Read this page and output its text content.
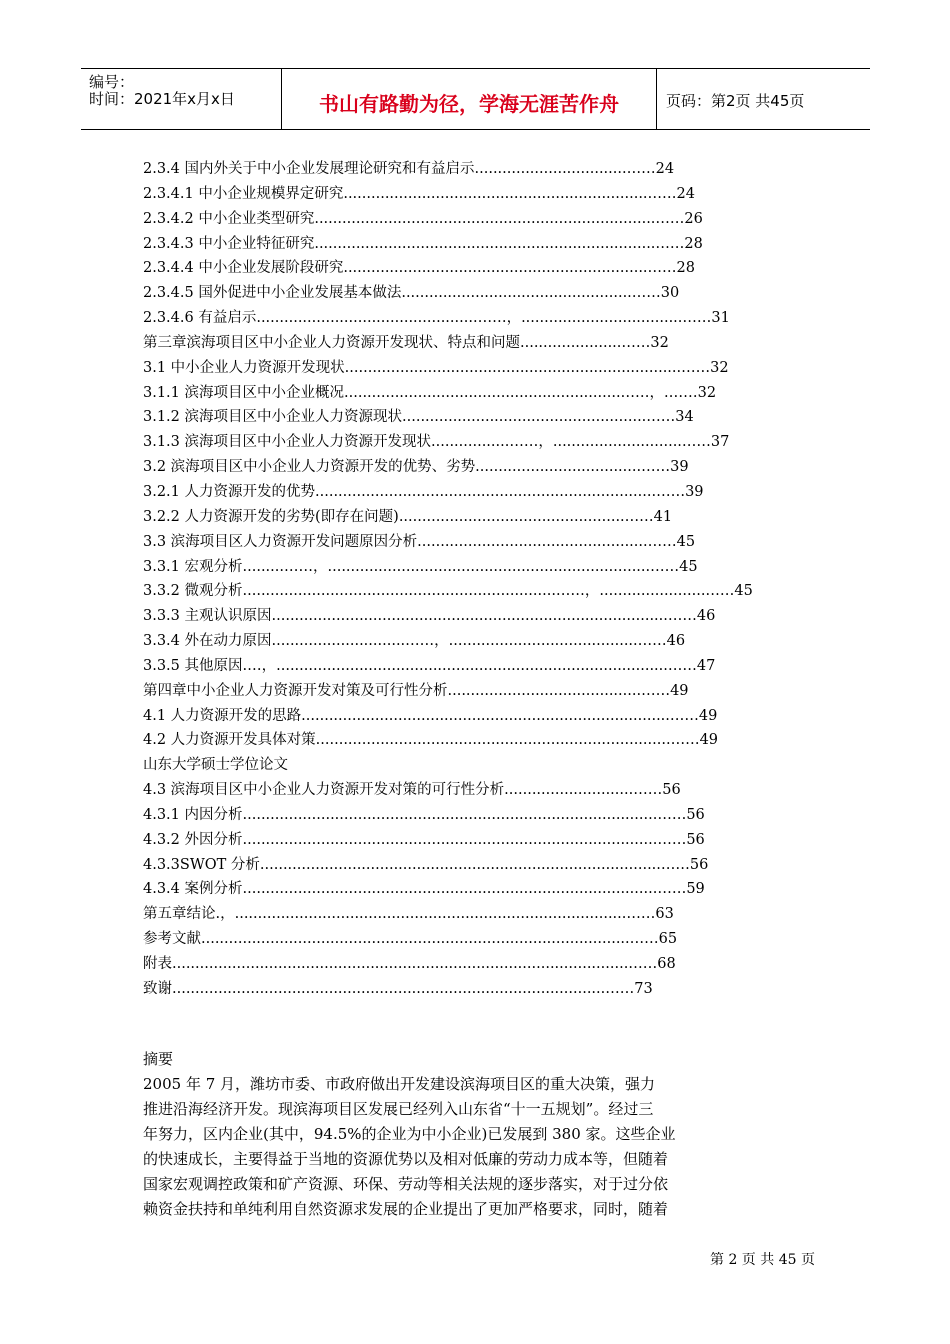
编号：
时间：2021年x月x日	书山有路勤为径，学海无涯苦作舟	页码：第2页 共45页
2.3.4 国内外关于中小企业发展理论研究和有益启示.................................……24
2.3.4.1 中小企业规模界定研究..................................................................……24
2.3.4.2 中小企业类型研究..........................................................................……26
2.3.4.3 中小企业特征研究..........................................................................……28
2.3.4.4 中小企业发展阶段研究..................................................................……28
2.3.4.5 国外促进中小企业发展基本做法..................................................……30
2.3.4.6 有益启示................................................……，...................................……31
第三章滨海项目区中小企业人力资源开发现状、特点和问题......................……32
3.1 中小企业人力资源开发现状.........................................................................……32
3.1.1 滨海项目区中小企业概况............................................................……，.……32
3.1.2 滨海项目区中小企业人力资源现状.....................................................……34
3.1.3 滨海项目区中小企业人力资源开发现状.................……，............................……37
3.2 滨海项目区中小企业人力资源开发的优势、劣势....................................……39
3.2.1 人力资源开发的优势..........................................................................……39
3.2.2 人力资源开发的劣势(即存在问题).................................................……41
3.3 滨海项目区人力资源开发问题原因分析..................................................……45
3.3.1 宏观分析.........……，......................................................................……45
3.3.2 微观分析....................................................................……，.......................……45
3.3.3 主观认识原因......................................................................................……46
3.3.4 外在动力原因.............................……，.........................................……46
3.3.5 其他原因.…，.....................................................................................……47
第四章中小企业人力资源开发对策及可行性分析..........................................……49
4.1 人力资源开发的思路................................................................................……49
4.2 人力资源开发具体对策.............................................................................……49
山东大学硕士学位论文
4.3 滨海项目区中小企业人力资源开发对策的可行性分析............................……56
4.3.1 内因分析..........................................................................................……56
4.3.2 外因分析..........................................................................................……56
4.3.3SWOT 分析.......................................................................................……56
4.3.4 案例分析..........................................................................................……59
第五章结论.，.....................................................................................……63
参考文献.............................................................................................……65
附表...................................................................................................……68
致谢..............................................................................................……73
摘要
2005 年 7 月，潍坊市委、市政府做出开发建设滨海项目区的重大决策，强力
推进沿海经济开发。现滨海项目区发展已经列入山东省“十一五规划”。经过三
年努力，区内企业(其中，94.5%的企业为中小企业)已发展到 380 家。这些企业
的快速成长，主要得益于当地的资源优势以及相对低廉的劳动力成本等，但随着
国家宏观调控政策和矿产资源、环保、劳动等相关法规的逐步落实，对于过分依
赖资金扶持和单纯利用自然资源求发展的企业提出了更加严格要求，同时，随着
第 2 页 共 45 页
